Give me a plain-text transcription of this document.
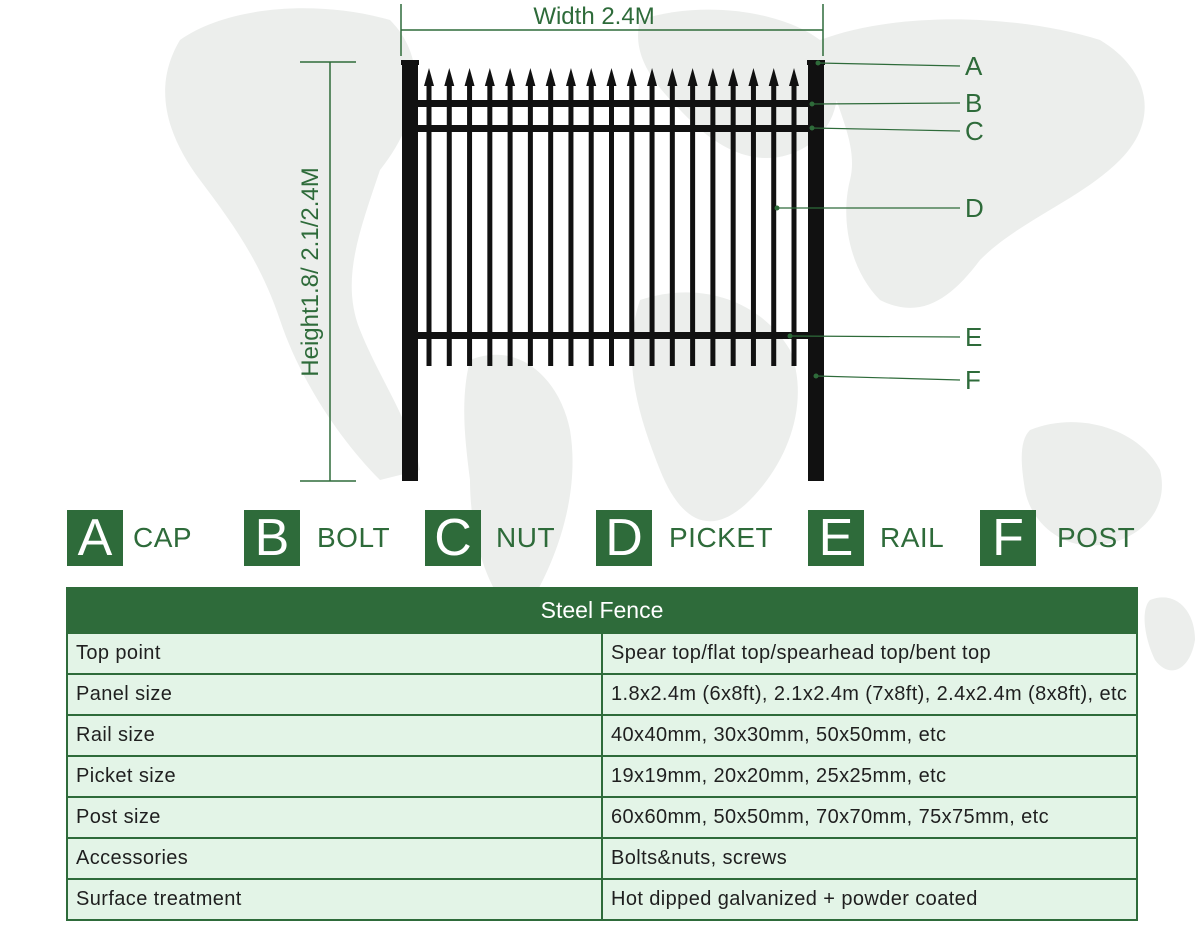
Width 2.4M
Height1.8/ 2.1/2.4M
A
B
C
D
E
F
A CAP B BOLT C NUT D PICKET E RAIL F	POST
Steel Fence	
Top point	Spear top/flat top/spearhead top/bent top
Panel size	1.8x2.4m (6x8ft), 2.1x2.4m (7x8ft), 2.4x2.4m (8x8ft), etc
Rail size	40x40mm, 30x30mm, 50x50mm, etc
Picket size	19x19mm, 20x20mm, 25x25mm, etc
Post size	60x60mm, 50x50mm, 70x70mm, 75x75mm, etc
Accessories	Bolts&nuts, screws
Surface treatment	Hot dipped galvanized + powder coated
